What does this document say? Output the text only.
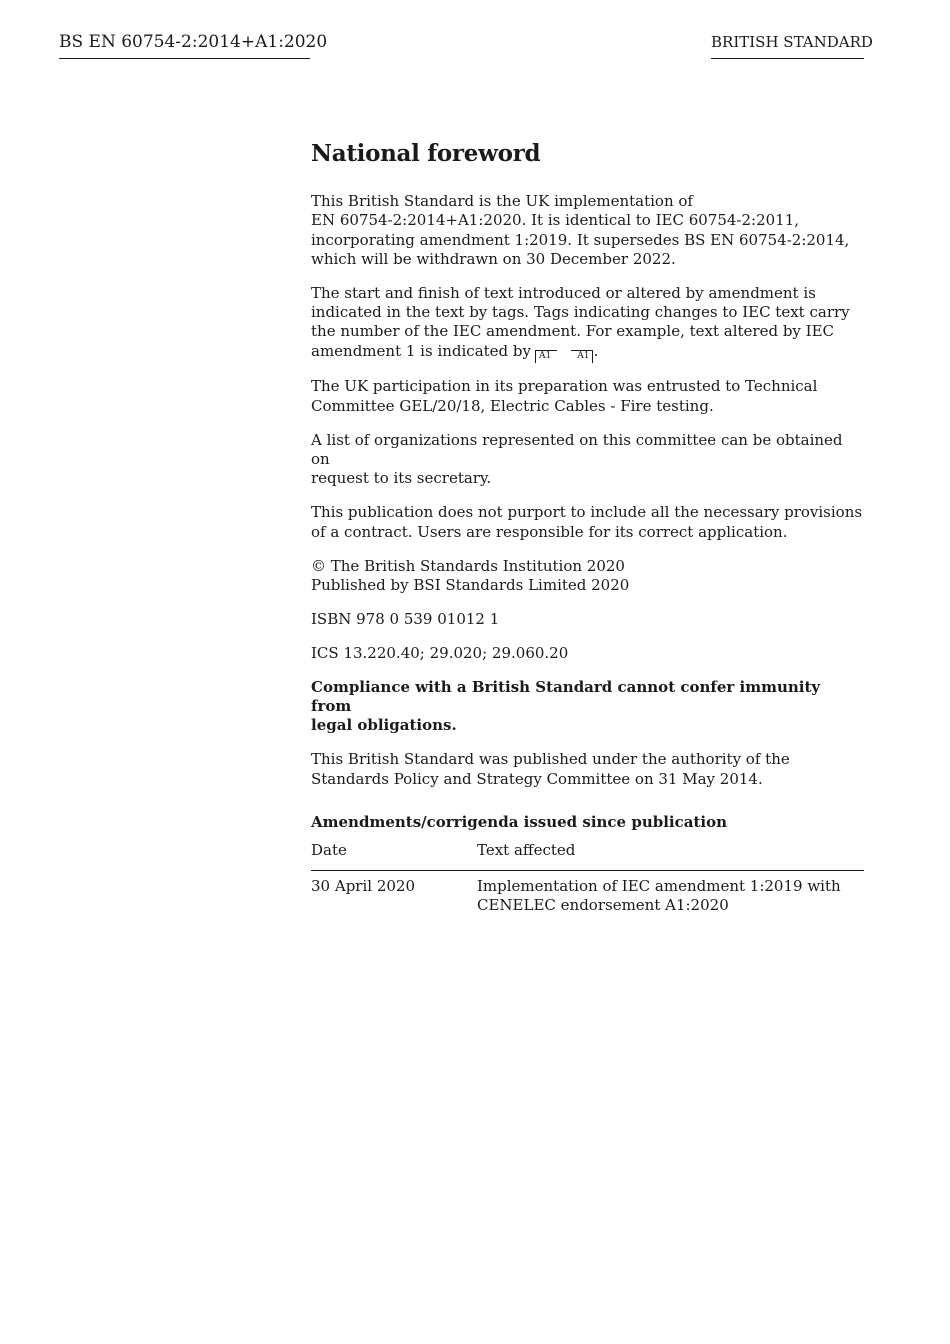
BS EN 60754-2:2014+A1:2020	BRITISH STANDARD
National foreword

This British Standard is the UK implementation of
EN 60754-2:2014+A1:2020. It is identical to IEC 60754-2:2011,
incorporating amendment 1:2019. It supersedes BS EN 60754-2:2014,
which will be withdrawn on 30 December 2022.

The start and finish of text introduced or altered by amendment is
indicated in the text by tags. Tags indicating changes to IEC text carry
the number of the IEC amendment. For example, text altered by IEC
amendment 1 is indicated by A1	A1 .

The UK participation in its preparation was entrusted to Technical
Committee GEL/20/18, Electric Cables - Fire testing.

A list of organizations represented on this committee can be obtained on
request to its secretary.

This publication does not purport to include all the necessary provisions
of a contract. Users are responsible for its correct application.

© The British Standards Institution 2020
Published by BSI Standards Limited 2020

ISBN 978 0 539 01012 1

ICS 13.220.40; 29.020; 29.060.20

Compliance with a British Standard cannot confer immunity from
legal obligations.

This British Standard was published under the authority of the
Standards Policy and Strategy Committee on 31 May 2014.

Amendments/corrigenda issued since publication
Date	Text affected
30 April 2020	Implementation of IEC amendment 1:2019 with
CENELEC endorsement A1:2020
